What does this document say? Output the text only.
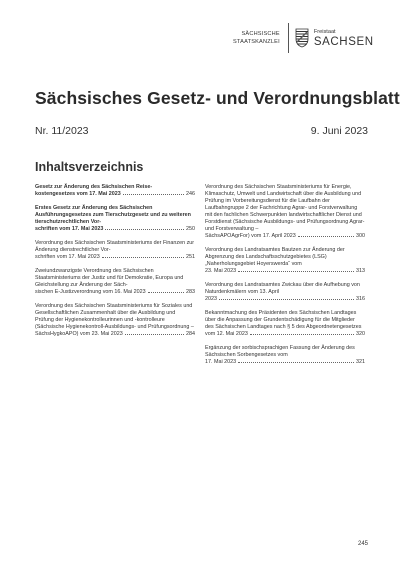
SÄCHSISCHE
STAATSKANZLEI
Freistaat
SACHSEN
Sächsisches Gesetz- und Verordnungsblatt
Nr. 11/2023	9. Juni 2023
Inhaltsverzeichnis
Gesetz zur Änderung des Sächsischen Reise-
kostengesetzes vom 17. Mai 2023	246
Erstes Gesetz zur Änderung des Sächsischen Ausführungsgesetzes zum Tierschutzgesetz und zu weiteren tierschutzrechtlichen Vor-
schriften vom 17. Mai 2023	250
Verordnung des Sächsischen Staatsministeriums der Finanzen zur Änderung dienstrechtlicher Vor-
schriften vom 17. Mai 2023	251
Zweiundzwanzigste Verordnung des Sächsischen Staatsministeriums der Justiz und für Demokratie, Europa und Gleichstellung zur Änderung der Säch-
sischen E-Justizverordnung vom 16. Mai 2023	283
Verordnung des Sächsischen Staatsministeriums für Soziales und Gesellschaftlichen Zusammenhalt über die Ausbildung und Prüfung der Hygienekontrolleurinnen und -kontrolleure (Sächsische Hygienekontroll-Ausbildungs- und Prüfungsordnung –
SächsHygkoAPO) vom 23. Mai 2023	284
Verordnung des Sächsischen Staatsministeriums für Energie, Klimaschutz, Umwelt und Landwirtschaft über die Ausbildung und Prüfung im Vorbereitungsdienst für die Laufbahn der Laufbahngruppe 2 der Fachrichtung Agrar- und Forstverwaltung mit den fachlichen Schwerpunkten landwirtschaftlicher Dienst und Forstdienst (Sächsische Ausbildungs- und Prüfungsordnung Agrar- und Forstverwaltung –
SächsAPOAgrFor) vom 17. April 2023	300
Verordnung des Landratsamtes Bautzen zur Änderung der Abgrenzung des Landschaftsschutzgebietes (LSG) „Naherholungsgebiet Hoyerswerda“ vom
23. Mai 2023	313
Verordnung des Landratsamtes Zwickau über die Aufhebung von Naturdenkmälern vom 13. April
2023	316
Bekanntmachung des Präsidenten des Sächsischen Landtages über die Anpassung der Grundentschädigung für die Mitglieder des Sächsischen Landtages nach § 5 des Abgeordnetengesetzes
vom 12. Mai 2023	320
Ergänzung der sorbischsprachigen Fassung der Änderung des Sächsischen Sorbengesetzes vom
17. Mai 2023	321
245
